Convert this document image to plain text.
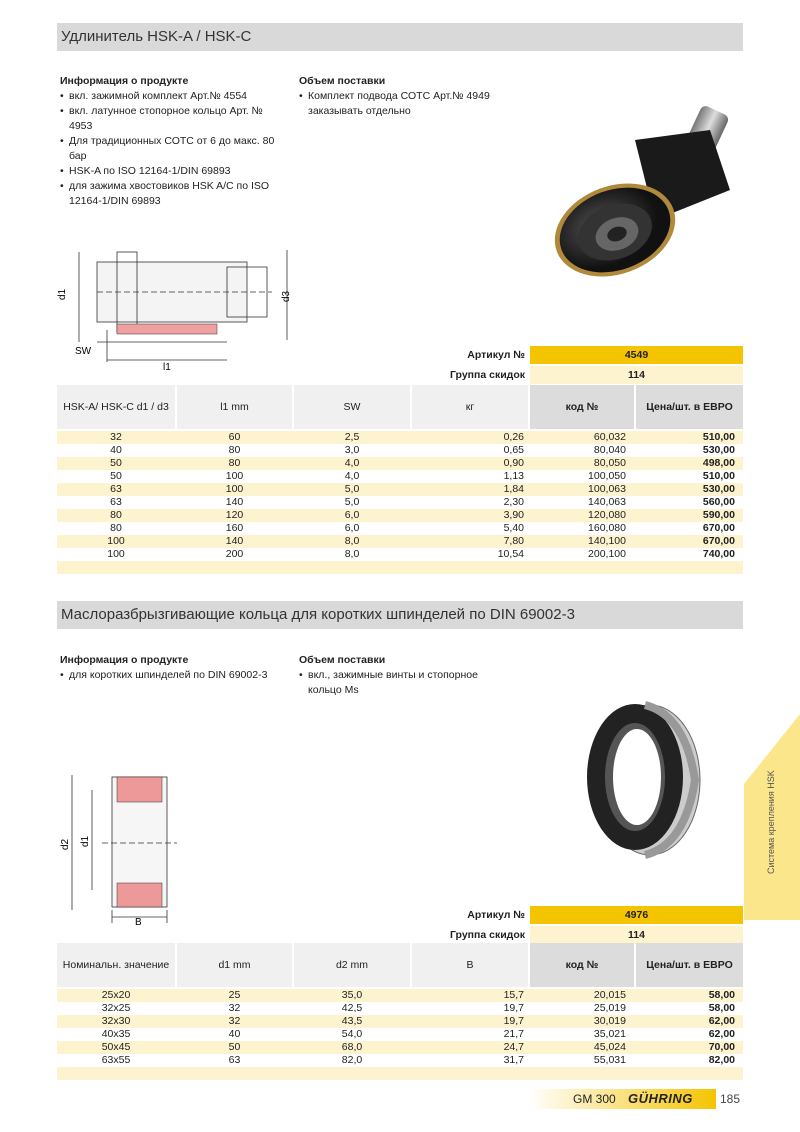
Удлинитель HSK-A / HSK-C
Информация о продукте
• вкл. зажимной комплект Арт.№ 4554
• вкл. латунное стопорное кольцо Арт. № 4953
• Для традиционных СОТС от 6 до макс. 80 бар
• HSK-A по ISO 12164-1/DIN 69893
• для зажима хвостовиков HSK A/C по ISO 12164-1/DIN 69893
Объем поставки
• Комплект подвода СОТС Арт.№ 4949 заказывать отдельно
d1	d3
SW
l1
Артикул №	4549
Группа скидок	114
HSK-A/ HSK-C d1 / d3	l1 mm	SW	кг	код №	Цена/шт. в ЕВРО
32	60	2,5	0,26	60,032	510,00
40	80	3,0	0,65	80,040	530,00
50	80	4,0	0,90	80,050	498,00
50	100	4,0	1,13	100,050	510,00
63	100	5,0	1,84	100,063	530,00
63	140	5,0	2,30	140,063	560,00
80	120	6,0	3,90	120,080	590,00
80	160	6,0	5,40	160,080	670,00
100	140	8,0	7,80	140,100	670,00
100	200	8,0	10,54	200,100	740,00
Маслоразбрызгивающие кольца для коротких шпинделей по DIN 69002-3
Информация о продукте
• для коротких шпинделей по DIN 69002-3
Объем поставки
• вкл., зажимные винты и стопорное кольцо Ms
d2 d1
B
Артикул №	4976
Группа скидок	114
Номинальн. значение	d1 mm	d2 mm	B	код №	Цена/шт. в ЕВРО
25x20	25	35,0	15,7	20,015	58,00
32x25	32	42,5	19,7	25,019	58,00
32x30	32	43,5	19,7	30,019	62,00
40x35	40	54,0	21,7	35,021	62,00
50x45	50	68,0	24,7	45,024	70,00
63x55	63	82,0	31,7	55,031	82,00
Система крепления HSK
GM 300 GÜHRING 185
